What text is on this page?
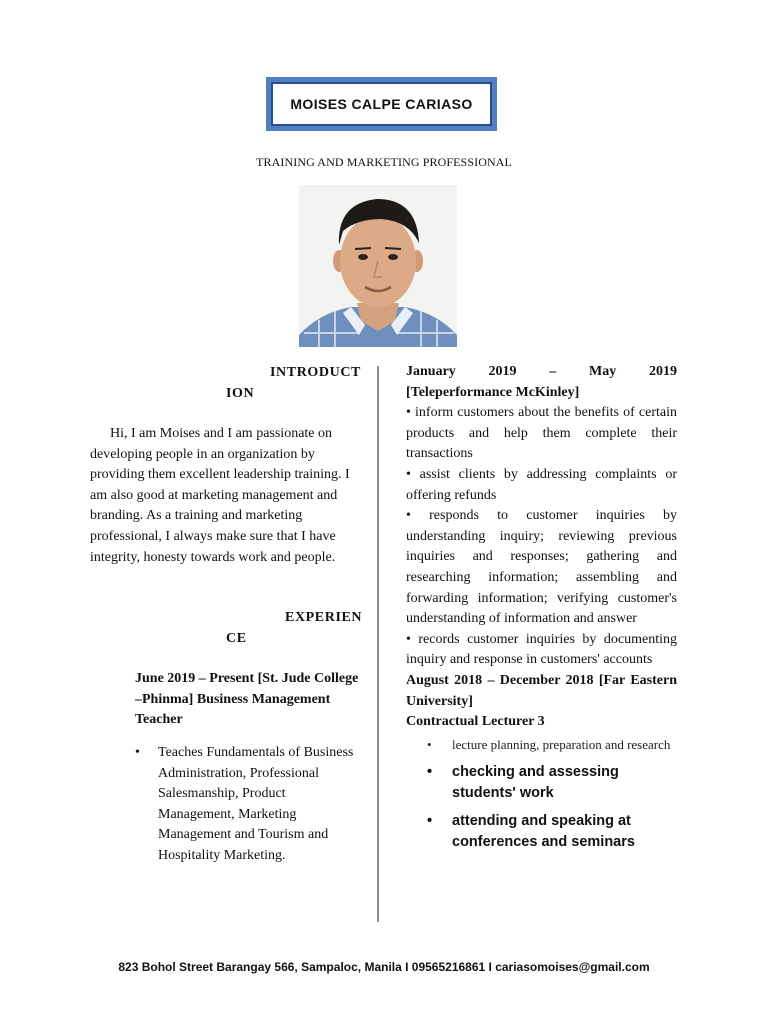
MOISES CALPE CARIASO
TRAINING AND MARKETING PROFESSIONAL
INTRODUCT
ION
Hi, I am Moises and I am passionate on developing people in an organization by providing them excellent leadership training. I am also good at marketing management and branding. As a training and marketing professional, I always make sure that I have integrity, honesty towards work and people.
EXPERIEN
CE
June 2019 – Present [St. Jude College –Phinma] Business Management Teacher
• Teaches Fundamentals of Business Administration, Professional Salesmanship, Product Management, Marketing Management and Tourism and Hospitality Marketing.
January 2019 – May 2019
[Teleperformance McKinley]
• inform customers about the benefits of certain products and help them complete their transactions
• assist clients by addressing complaints or offering refunds
• responds to customer inquiries by understanding inquiry; reviewing previous inquiries and responses; gathering and researching information; assembling and forwarding information; verifying customer's understanding of information and answer
• records customer inquiries by documenting inquiry and response in customers' accounts
August 2018 – December 2018 [Far Eastern University]
Contractual Lecturer 3
• lecture planning, preparation and research
• checking and assessing students' work
• attending and speaking at conferences and seminars
823 Bohol Street Barangay 566, Sampaloc, Manila I 09565216861 I cariasomoises@gmail.com
